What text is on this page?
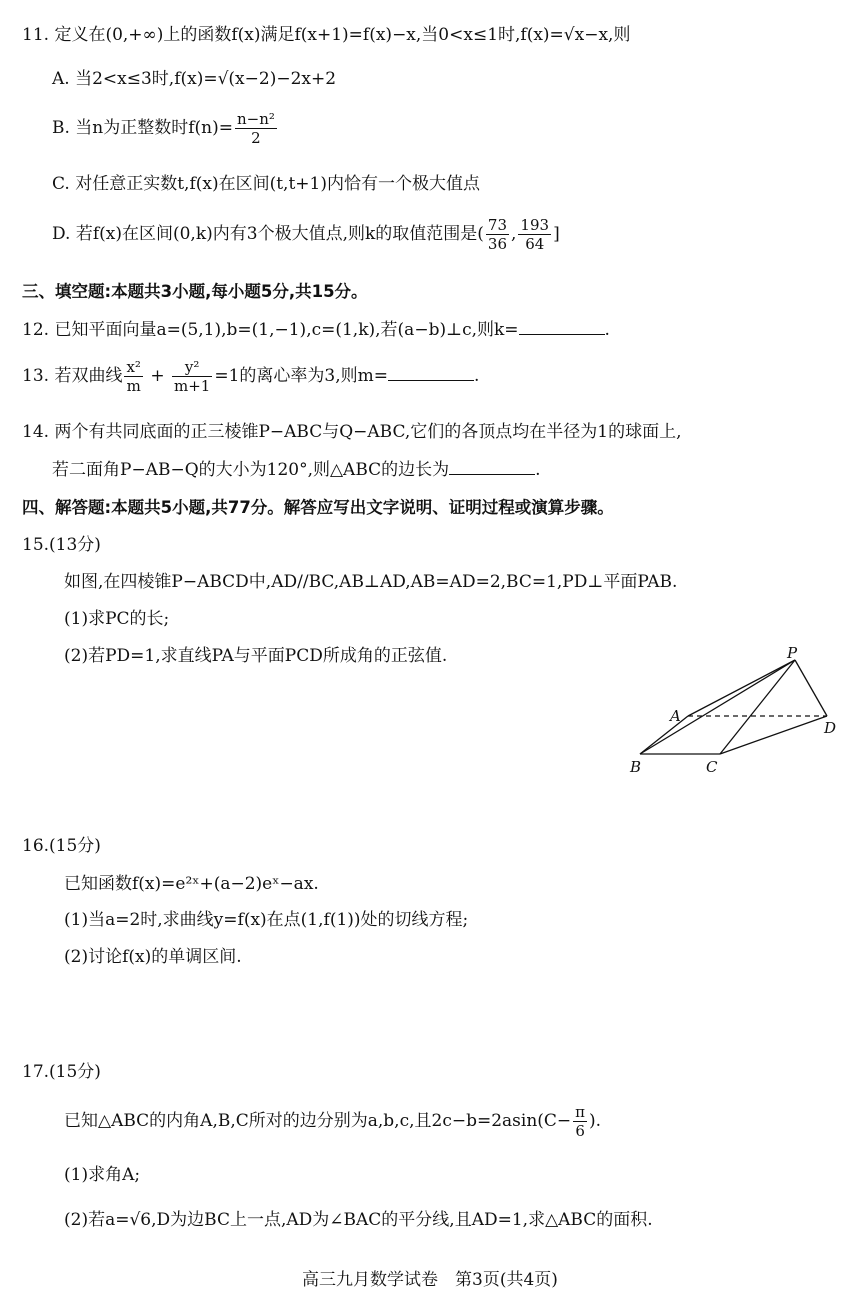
11. 定义在(0,+∞)上的函数f(x)满足f(x+1)=f(x)−x,当0<x≤1时,f(x)=√x−x,则
A. 当2<x≤3时,f(x)=√(x−2)−2x+2
B. 当n为正整数时$f(n)= \frac{\text{n−n²}}{2}$
C. 对任意正实数t,f(x)在区间(t,t+1)内恰有一个极大值点
D. 若f(x)在区间(0,k)内有3个极大值点,则k的取值范围是( $\frac{73}{36}$ , $\frac{193}{64}$ ]
三、填空题:本题共3小题,每小题5分,共15分。
12. 已知平面向量a=(5,1),b=(1,−1),c=(1,k),若(a−b)⊥c,则k=	.
13. 若双曲线 $\frac{\text{x²}}{m} + \frac{\text{y²}}{m+1} =1$的离心率为3,则m=	.
14. 两个有共同底面的正三棱锥P−ABC与Q−ABC,它们的各顶点均在半径为1的球面上,
若二面角P−AB−Q的大小为120°,则△ABC的边长为	.
四、解答题:本题共5小题,共77分。解答应写出文字说明、证明过程或演算步骤。
15.(13分)
如图,在四棱锥P−ABCD中,AD//BC,AB⊥AD,AB=AD=2,BC=1,PD⊥平面PAB.
(1)求PC的长;
(2)若PD=1,求直线PA与平面PCD所成角的正弦值.	P
A
B	C
D
16.(15分)
已知函数f(x)=e²ˣ+(a−2)eˣ−ax.
(1)当a=2时,求曲线y=f(x)在点(1,f(1))处的切线方程;
(2)讨论f(x)的单调区间.
17.(15分)
已知△ABC的内角A,B,C所对的边分别为a,b,c,且$2c-b=2asin(C- \frac{\pi}{6}$ ).
(1)求角A;
(2)若a=√6,D为边BC上一点,AD为∠BAC的平分线,且AD=1,求△ABC的面积.
高三九月数学试卷　第3页(共4页)
